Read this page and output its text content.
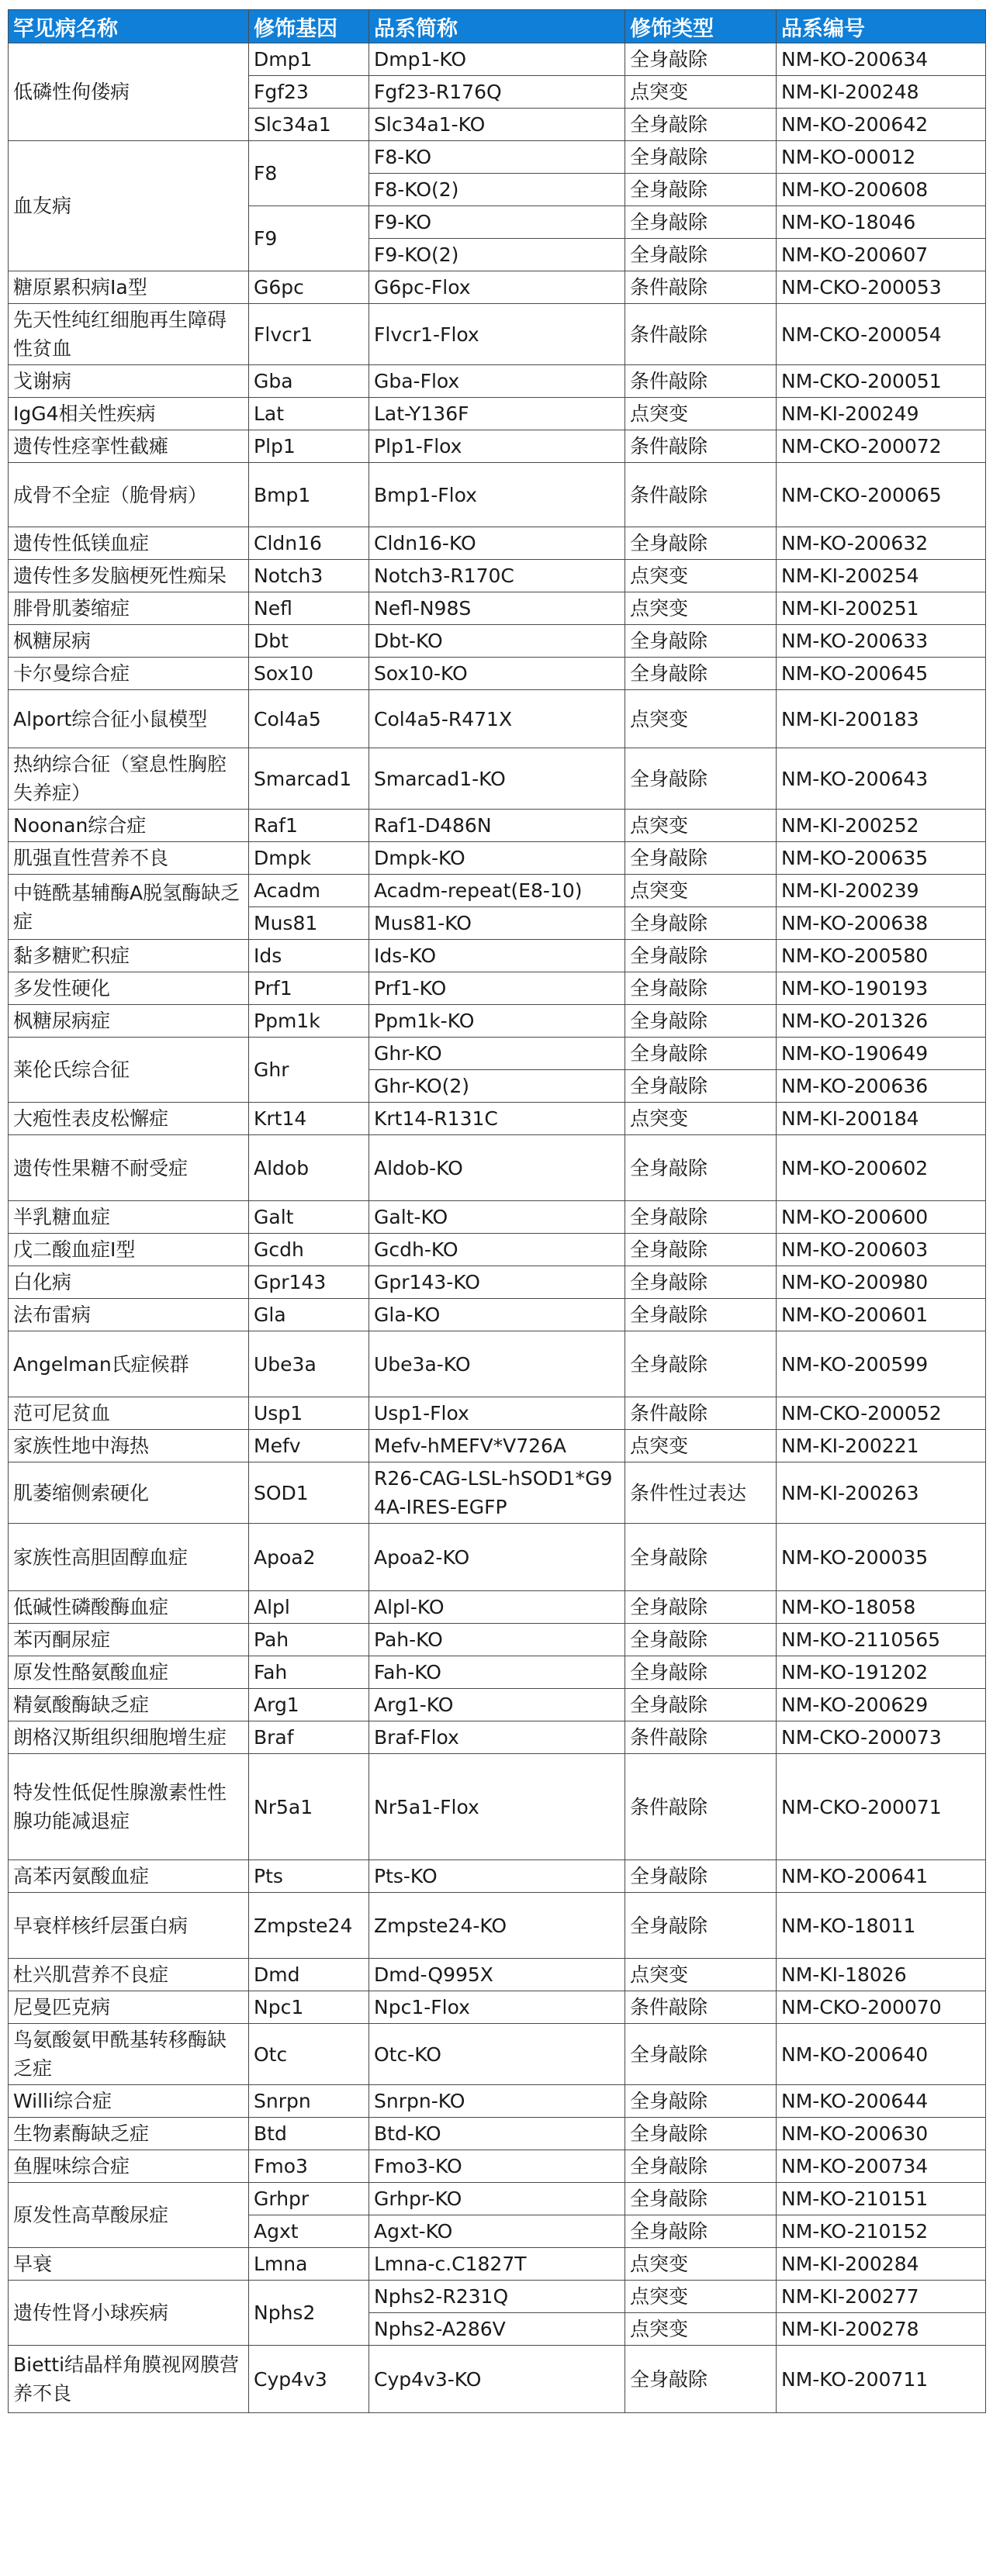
罕见病名称	修饰基因	品系简称	修饰类型	品系编号
低磷性佝偻病	Dmp1	Dmp1-KO	全身敲除	NM-KO-200634
	Fgf23	Fgf23-R176Q	点突变	NM-KI-200248
	Slc34a1	Slc34a1-KO	全身敲除	NM-KO-200642
血友病	F8	F8-KO	全身敲除	NM-KO-00012
		F8-KO(2)	全身敲除	NM-KO-200608
	F9	F9-KO	全身敲除	NM-KO-18046
		F9-KO(2)	全身敲除	NM-KO-200607
糖原累积病Ⅰa型	G6pc	G6pc-Flox	条件敲除	NM-CKO-200053
先天性纯红细胞再生障碍性贫血	Flvcr1	Flvcr1-Flox	条件敲除	NM-CKO-200054
戈谢病	Gba	Gba-Flox	条件敲除	NM-CKO-200051
IgG4相关性疾病	Lat	Lat-Y136F	点突变	NM-KI-200249
遗传性痉挛性截瘫	Plp1	Plp1-Flox	条件敲除	NM-CKO-200072
成骨不全症（脆骨病）	Bmp1	Bmp1-Flox	条件敲除	NM-CKO-200065
遗传性低镁血症	Cldn16	Cldn16-KO	全身敲除	NM-KO-200632
遗传性多发脑梗死性痴呆	Notch3	Notch3-R170C	点突变	NM-KI-200254
腓骨肌萎缩症	Nefl	Nefl-N98S	点突变	NM-KI-200251
枫糖尿病	Dbt	Dbt-KO	全身敲除	NM-KO-200633
卡尔曼综合症	Sox10	Sox10-KO	全身敲除	NM-KO-200645
Alport综合征小鼠模型	Col4a5	Col4a5-R471X	点突变	NM-KI-200183
热纳综合征（窒息性胸腔失养症）	Smarcad1	Smarcad1-KO	全身敲除	NM-KO-200643
Noonan综合症	Raf1	Raf1-D486N	点突变	NM-KI-200252
肌强直性营养不良	Dmpk	Dmpk-KO	全身敲除	NM-KO-200635
中链酰基辅酶A脱氢酶缺乏症	Acadm	Acadm-repeat(E8-10)	点突变	NM-KI-200239
	Mus81	Mus81-KO	全身敲除	NM-KO-200638
黏多糖贮积症	Ids	Ids-KO	全身敲除	NM-KO-200580
多发性硬化	Prf1	Prf1-KO	全身敲除	NM-KO-190193
枫糖尿病症	Ppm1k	Ppm1k-KO	全身敲除	NM-KO-201326
莱伦氏综合征	Ghr	Ghr-KO	全身敲除	NM-KO-190649
		Ghr-KO(2)	全身敲除	NM-KO-200636
大疱性表皮松懈症	Krt14	Krt14-R131C	点突变	NM-KI-200184
遗传性果糖不耐受症	Aldob	Aldob-KO	全身敲除	NM-KO-200602
半乳糖血症	Galt	Galt-KO	全身敲除	NM-KO-200600
戊二酸血症Ⅰ型	Gcdh	Gcdh-KO	全身敲除	NM-KO-200603
白化病	Gpr143	Gpr143-KO	全身敲除	NM-KO-200980
法布雷病	Gla	Gla-KO	全身敲除	NM-KO-200601
Angelman氏症候群	Ube3a	Ube3a-KO	全身敲除	NM-KO-200599
范可尼贫血	Usp1	Usp1-Flox	条件敲除	NM-CKO-200052
家族性地中海热	Mefv	Mefv-hMEFV*V726A	点突变	NM-KI-200221
肌萎缩侧索硬化	SOD1	R26-CAG-LSL-hSOD1*G94A-IRES-EGFP	条件性过表达	NM-KI-200263
家族性高胆固醇血症	Apoa2	Apoa2-KO	全身敲除	NM-KO-200035
低碱性磷酸酶血症	Alpl	Alpl-KO	全身敲除	NM-KO-18058
苯丙酮尿症	Pah	Pah-KO	全身敲除	NM-KO-2110565
原发性酪氨酸血症	Fah	Fah-KO	全身敲除	NM-KO-191202
精氨酸酶缺乏症	Arg1	Arg1-KO	全身敲除	NM-KO-200629
朗格汉斯组织细胞增生症	Braf	Braf-Flox	条件敲除	NM-CKO-200073
特发性低促性腺激素性性腺功能减退症	Nr5a1	Nr5a1-Flox	条件敲除	NM-CKO-200071
高苯丙氨酸血症	Pts	Pts-KO	全身敲除	NM-KO-200641
早衰样核纤层蛋白病	Zmpste24	Zmpste24-KO	全身敲除	NM-KO-18011
杜兴肌营养不良症	Dmd	Dmd-Q995X	点突变	NM-KI-18026
尼曼匹克病	Npc1	Npc1-Flox	条件敲除	NM-CKO-200070
鸟氨酸氨甲酰基转移酶缺乏症	Otc	Otc-KO	全身敲除	NM-KO-200640
Willi综合症	Snrpn	Snrpn-KO	全身敲除	NM-KO-200644
生物素酶缺乏症	Btd	Btd-KO	全身敲除	NM-KO-200630
鱼腥味综合症	Fmo3	Fmo3-KO	全身敲除	NM-KO-200734
原发性高草酸尿症	Grhpr	Grhpr-KO	全身敲除	NM-KO-210151
	Agxt	Agxt-KO	全身敲除	NM-KO-210152
早衰	Lmna	Lmna-c.C1827T	点突变	NM-KI-200284
遗传性肾小球疾病	Nphs2	Nphs2-R231Q	点突变	NM-KI-200277
		Nphs2-A286V	点突变	NM-KI-200278
Bietti结晶样角膜视网膜营养不良	Cyp4v3	Cyp4v3-KO	全身敲除	NM-KO-200711
